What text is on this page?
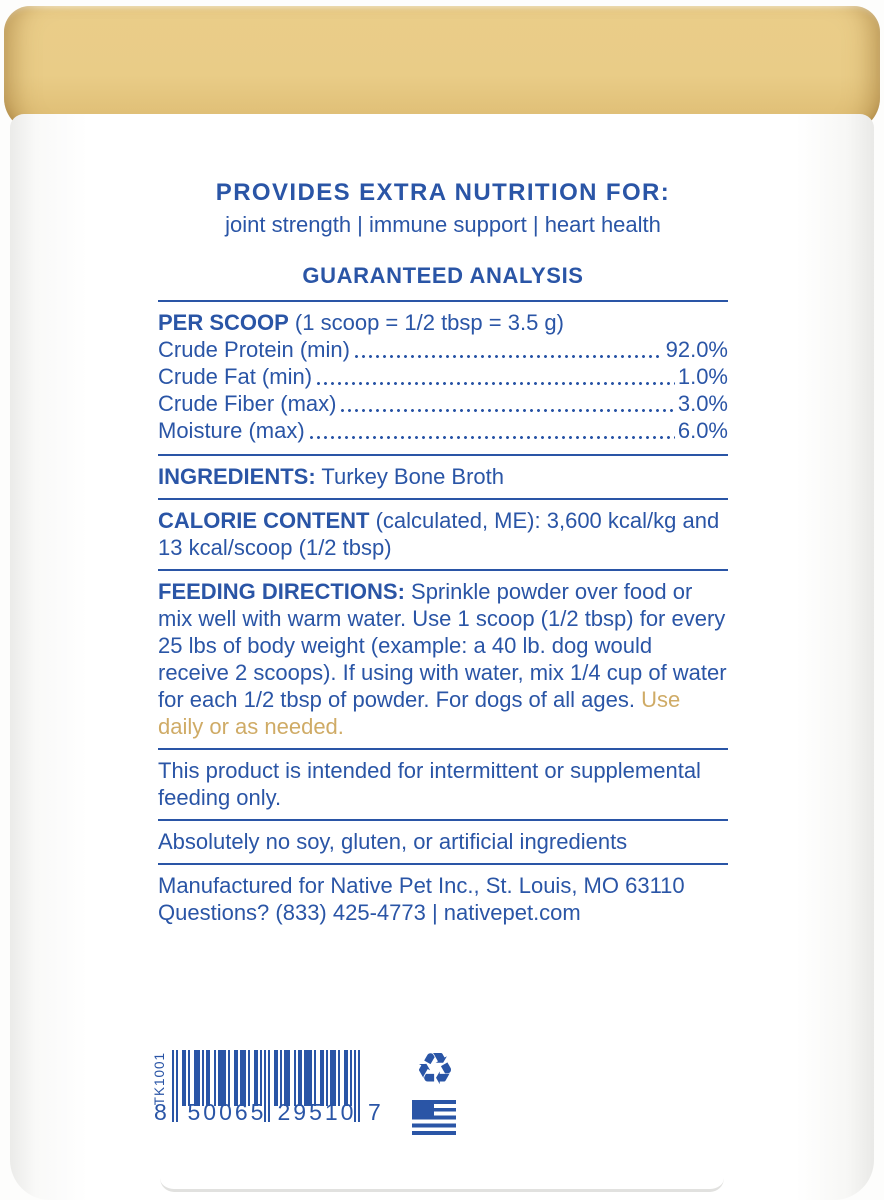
PROVIDES EXTRA NUTRITION FOR:
joint strength | immune support | heart health
GUARANTEED ANALYSIS
PER SCOOP (1 scoop = 1/2 tbsp = 3.5 g)
Crude Protein (min)	92.0%
Crude Fat (min)	1.0%
Crude Fiber (max)	3.0%
Moisture (max)	6.0%
INGREDIENTS: Turkey Bone Broth
CALORIE CONTENT (calculated, ME): 3,600 kcal/kg and 13 kcal/scoop (1/2 tbsp)
FEEDING DIRECTIONS: Sprinkle powder over food or mix well with warm water. Use 1 scoop (1/2 tbsp) for every 25 lbs of body weight (example: a 40 lb. dog would receive 2 scoops). If using with water, mix 1/4 cup of water for each 1/2 tbsp of powder. For dogs of all ages. Use daily or as needed.
This product is intended for intermittent or supplemental feeding only.
Absolutely no soy, gluten, or artificial ingredients
Manufactured for Native Pet Inc., St. Louis, MO 63110
Questions? (833) 425-4773 | nativepet.com
TK1001
8 50065 29510 7
♻
